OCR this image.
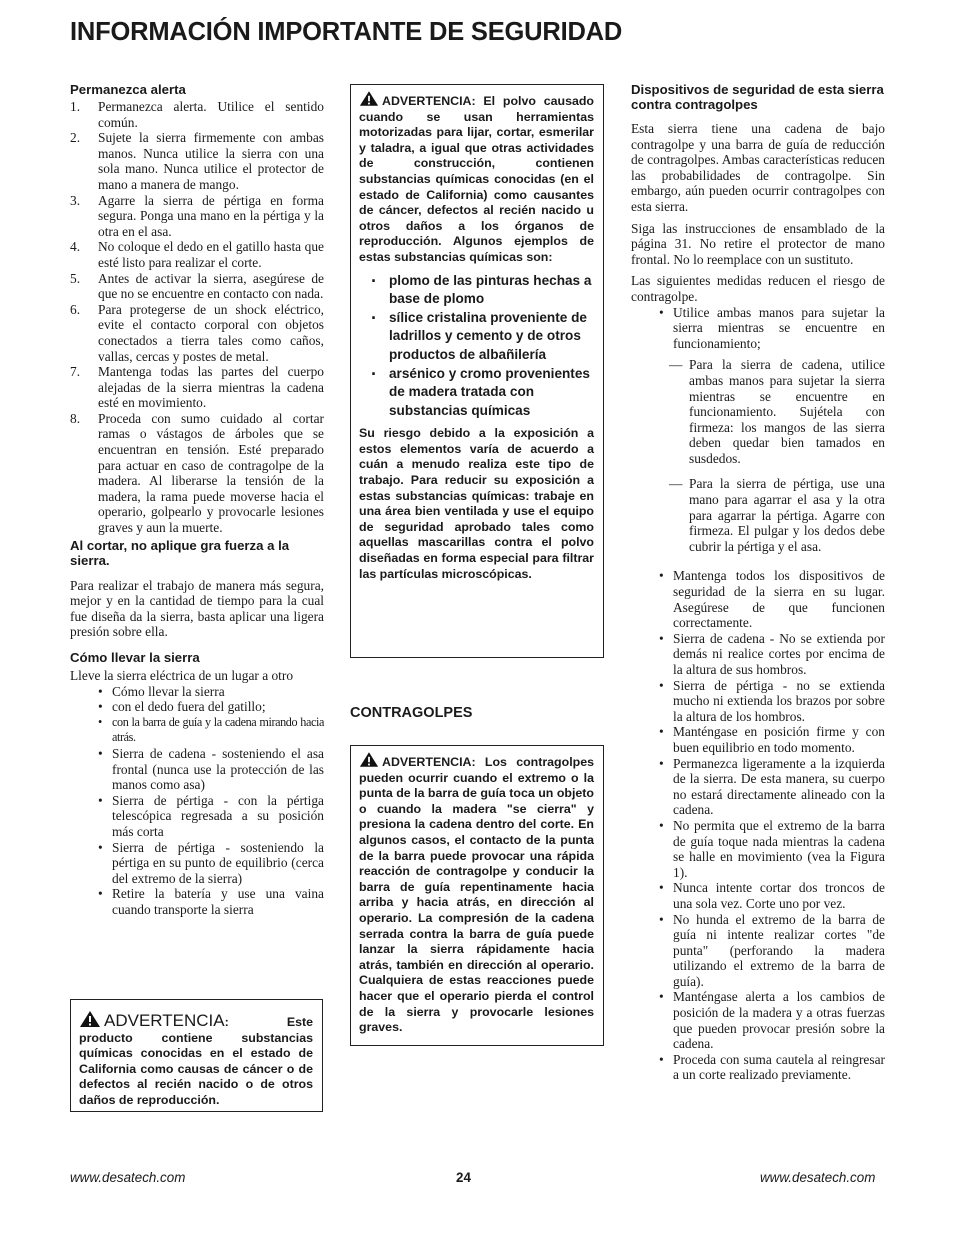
INFORMACIÓN IMPORTANTE DE SEGURIDAD

Permanezca alerta

1. Permanezca alerta. Utilice el sentido común.
2. Sujete la sierra firmemente con ambas manos. Nunca utilice la sierra con una sola mano. Nunca utilice el protector de mano a manera de mango.
3. Agarre la sierra de pértiga en forma segura. Ponga una mano en la pértiga y la otra en el asa.
4. No coloque el dedo en el gatillo hasta que esté listo para realizar el corte.
5. Antes de activar la sierra, asegúrese de que no se encuentre en contacto con nada.
6. Para protegerse de un shock eléctrico, evite el contacto corporal con objetos conectados a tierra tales como caños, vallas, cercas y postes de metal.
7. Mantenga todas las partes del cuerpo alejadas de la sierra mientras la cadena esté en movimiento.
8. Proceda con sumo cuidado al cortar ramas o vástagos de árboles que se encuentran en tensión. Esté preparado para actuar en caso de contragolpe de la madera. Al liberarse la tensión de la madera, la rama puede moverse hacia el operario, golpearlo y provocarle lesiones graves y aun la muerte.

Al cortar, no aplique gra fuerza a la sierra.

Para realizar el trabajo de manera más segura, mejor y en la cantidad de tiempo para la cual fue diseña da la sierra, basta aplicar una ligera presión sobre ella.

Cómo llevar la sierra

Lleve la sierra eléctrica de un lugar a otro

• Cómo llevar la sierra
• con el dedo fuera del gatillo;
• con la barra de guía y la cadena mirando hacia atrás.
• Sierra de cadena - sosteniendo el asa frontal (nunca use la protección de las manos como asa)
• Sierra de pértiga - con la pértiga telescópica regresada a su posición más corta
• Sierra de pértiga - sosteniendo la pértiga en su punto de equilibrio (cerca del extremo de la sierra)
• Retire la batería y use una vaina cuando transporte la sierra

ADVERTENCIA: Este producto contiene substancias químicas conocidas en el estado de California como causas de cáncer o de defectos al recién nacido o de otros daños de reproducción.

ADVERTENCIA: El polvo causado cuando se usan herramientas motorizadas para lijar, cortar, esmerilar y taladra, a igual que otras actividades de construcción, contienen substancias químicas conocidas (en el estado de California) como causantes de cáncer, defectos al recién nacido u otros daños a los órganos de reproducción. Algunos ejemplos de estas substancias químicas son:

· plomo de las pinturas hechas a base de plomo
· sílice cristalina proveniente de ladrillos y cemento y de otros productos de albañilería
· arsénico y cromo provenientes de madera tratada con substancias químicas

Su riesgo debido a la exposición a estos elementos varía de acuerdo a cuán a menudo realiza este tipo de trabajo. Para reducir su exposición a estas substancias químicas: trabaje en una área bien ventilada y use el equipo de seguridad aprobado tales como aquellas mascarillas contra el polvo diseñadas en forma especial para filtrar las partículas microscópicas.

CONTRAGOLPES

ADVERTENCIA: Los contragolpes pueden ocurrir cuando el extremo o la punta de la barra de guía toca un objeto o cuando la madera "se cierra" y presiona la cadena dentro del corte. En algunos casos, el contacto de la punta de la barra puede provocar una rápida reacción de contragolpe y conducir la barra de guía repentinamente hacia arriba y hacia atrás, en dirección al operario. La compresión de la cadena serrada contra la barra de guía puede lanzar la sierra rápidamente hacia atrás, también en dirección al operario. Cualquiera de estas reacciones puede hacer que el operario pierda el control de la sierra y provocarle lesiones graves.

Dispositivos de seguridad de esta sierra contra contragolpes

Esta sierra tiene una cadena de bajo contragolpe y una barra de guía de reducción de contragolpes. Ambas características reducen las probabilidades de contragolpe. Sin embargo, aún pueden ocurrir contragolpes con esta sierra.

Siga las instrucciones de ensamblado de la página 31. No retire el protector de mano frontal. No lo reemplace con un sustituto.

Las siguientes medidas reducen el riesgo de contragolpe.

• Utilice ambas manos para sujetar la sierra mientras se encuentre en funcionamiento;
— Para la sierra de cadena, utilice ambas manos para sujetar la sierra mientras se encuentre en funcionamiento. Sujétela con firmeza: los mangos de las sierra deben quedar bien tamados en susdedos.
— Para la sierra de pértiga, use una mano para agarrar el asa y la otra para agarrar la pértiga. Agarre con firmeza. El pulgar y los dedos debe cubrir la pértiga y el asa.
• Mantenga todos los dispositivos de seguridad de la sierra en su lugar. Asegúrese de que funcionen correctamente.
• Sierra de cadena - No se extienda por demás ni realice cortes por encima de la altura de sus hombros.
• Sierra de pértiga - no se extienda mucho ni extienda los brazos por sobre la altura de los hombros.
• Manténgase en posición firme y con buen equilibrio en todo momento.
• Permanezca ligeramente a la izquierda de la sierra. De esta manera, su cuerpo no estará directamente alineado con la cadena.
• No permita que el extremo de la barra de guía toque nada mientras la cadena se halle en movimiento (vea la Figura 1).
• Nunca intente cortar dos troncos de una sola vez. Corte uno por vez.
• No hunda el extremo de la barra de guía ni intente realizar cortes "de punta" (perforando la madera utilizando el extremo de la barra de guía).
• Manténgase alerta a los cambios de posición de la madera y a otras fuerzas que pueden provocar presión sobre la cadena.
• Proceda con suma cautela al reingresar a un corte realizado previamente.
www.desatech.com	24	www.desatech.com
